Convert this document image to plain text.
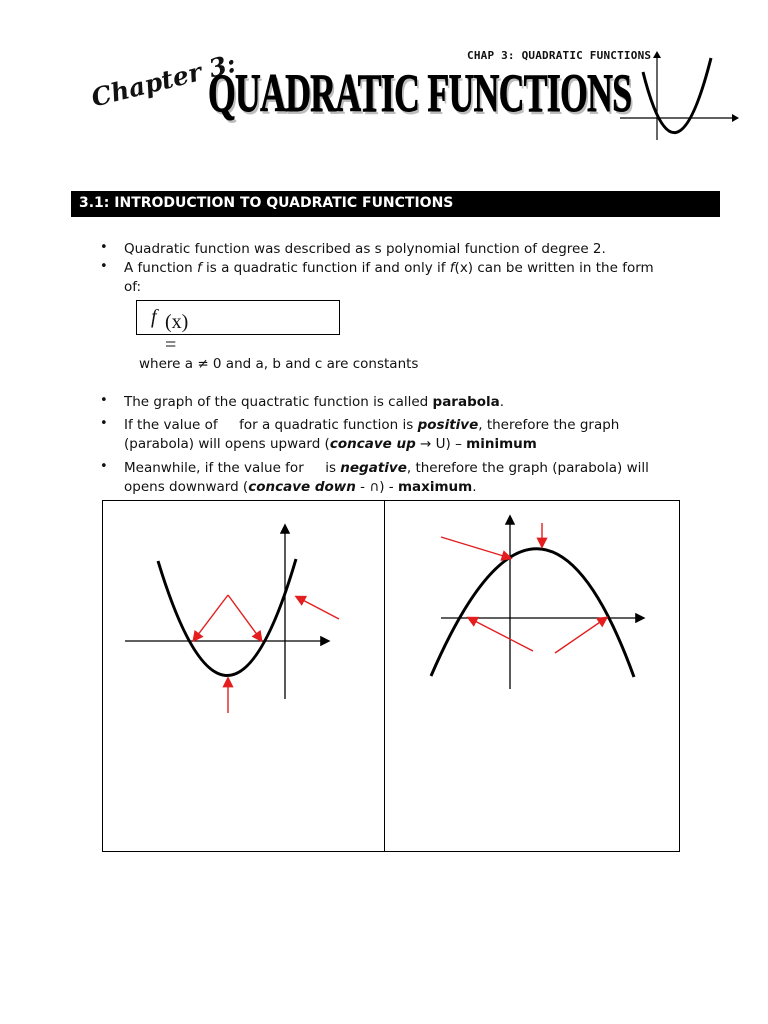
CHAP 3: QUADRATIC FUNCTIONS
Chapter 3:
QUADRATIC FUNCTIONS
3.1: INTRODUCTION TO QUADRATIC FUNCTIONS
• Quadratic function was described as s polynomial function of degree 2.
• A function f is a quadratic function if and only if f(x) can be written in the form
of:
• The graph of the quactratic function is called parabola.
• If the value of     for a quadratic function is positive, therefore the graph
(parabola) will opens upward (concave up → U) – minimum
• Meanwhile, if the value for     is negative, therefore the graph (parabola) will
opens downward (concave down - ∩) - maximum.
f (x) =
where a ≠ 0 and a, b and c are constants
